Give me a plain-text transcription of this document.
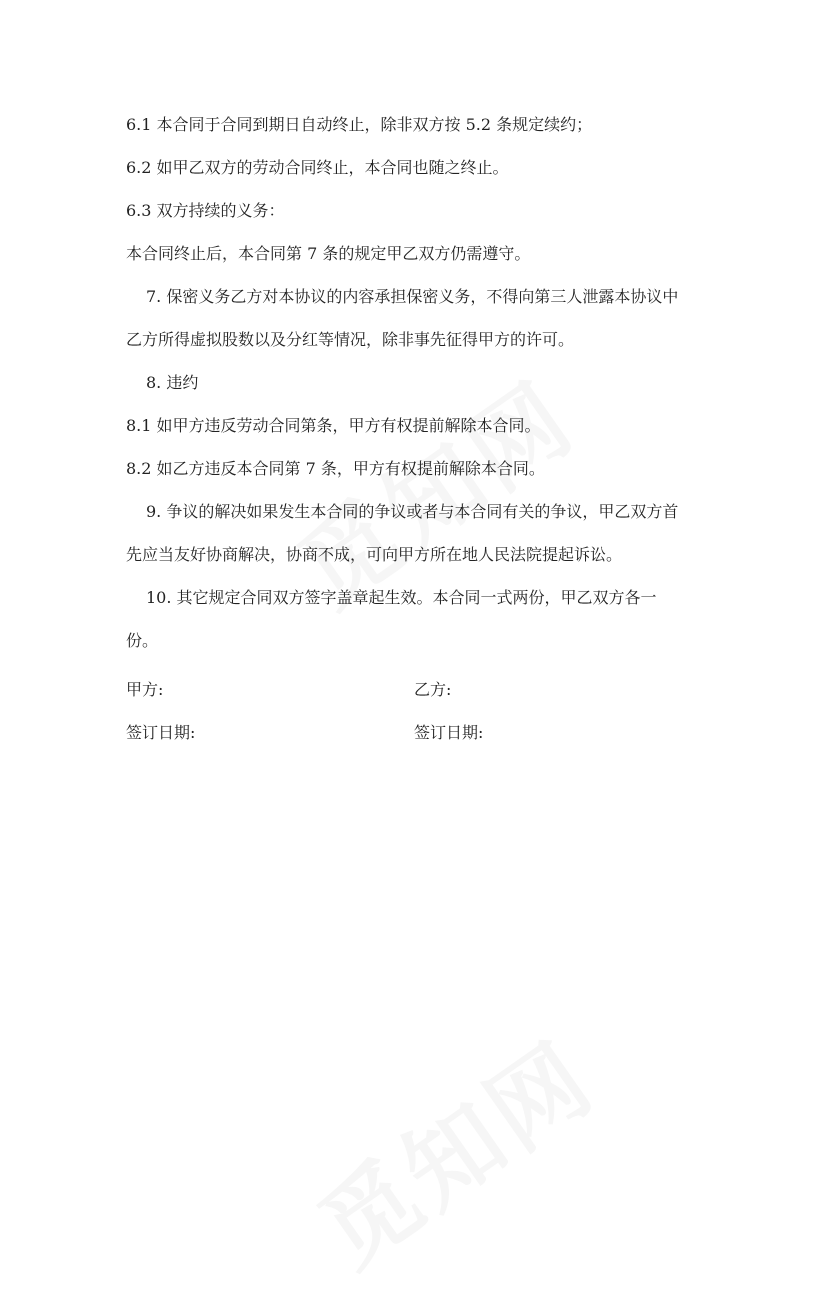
6.1 本合同于合同到期日自动终止，除非双方按 5.2 条规定续约；
6.2 如甲乙双方的劳动合同终止，本合同也随之终止。
6.3 双方持续的义务：
本合同终止后，本合同第 7 条的规定甲乙双方仍需遵守。
7. 保密义务乙方对本协议的内容承担保密义务，不得向第三人泄露本协议中
乙方所得虚拟股数以及分红等情况，除非事先征得甲方的许可。
8. 违约
8.1 如甲方违反劳动合同第条，甲方有权提前解除本合同。
8.2 如乙方违反本合同第 7 条，甲方有权提前解除本合同。
9. 争议的解决如果发生本合同的争议或者与本合同有关的争议，甲乙双方首
先应当友好协商解决，协商不成，可向甲方所在地人民法院提起诉讼。
10. 其它规定合同双方签字盖章起生效。本合同一式两份，甲乙双方各一
份。
甲方:	乙方:
签订日期:	签订日期:
